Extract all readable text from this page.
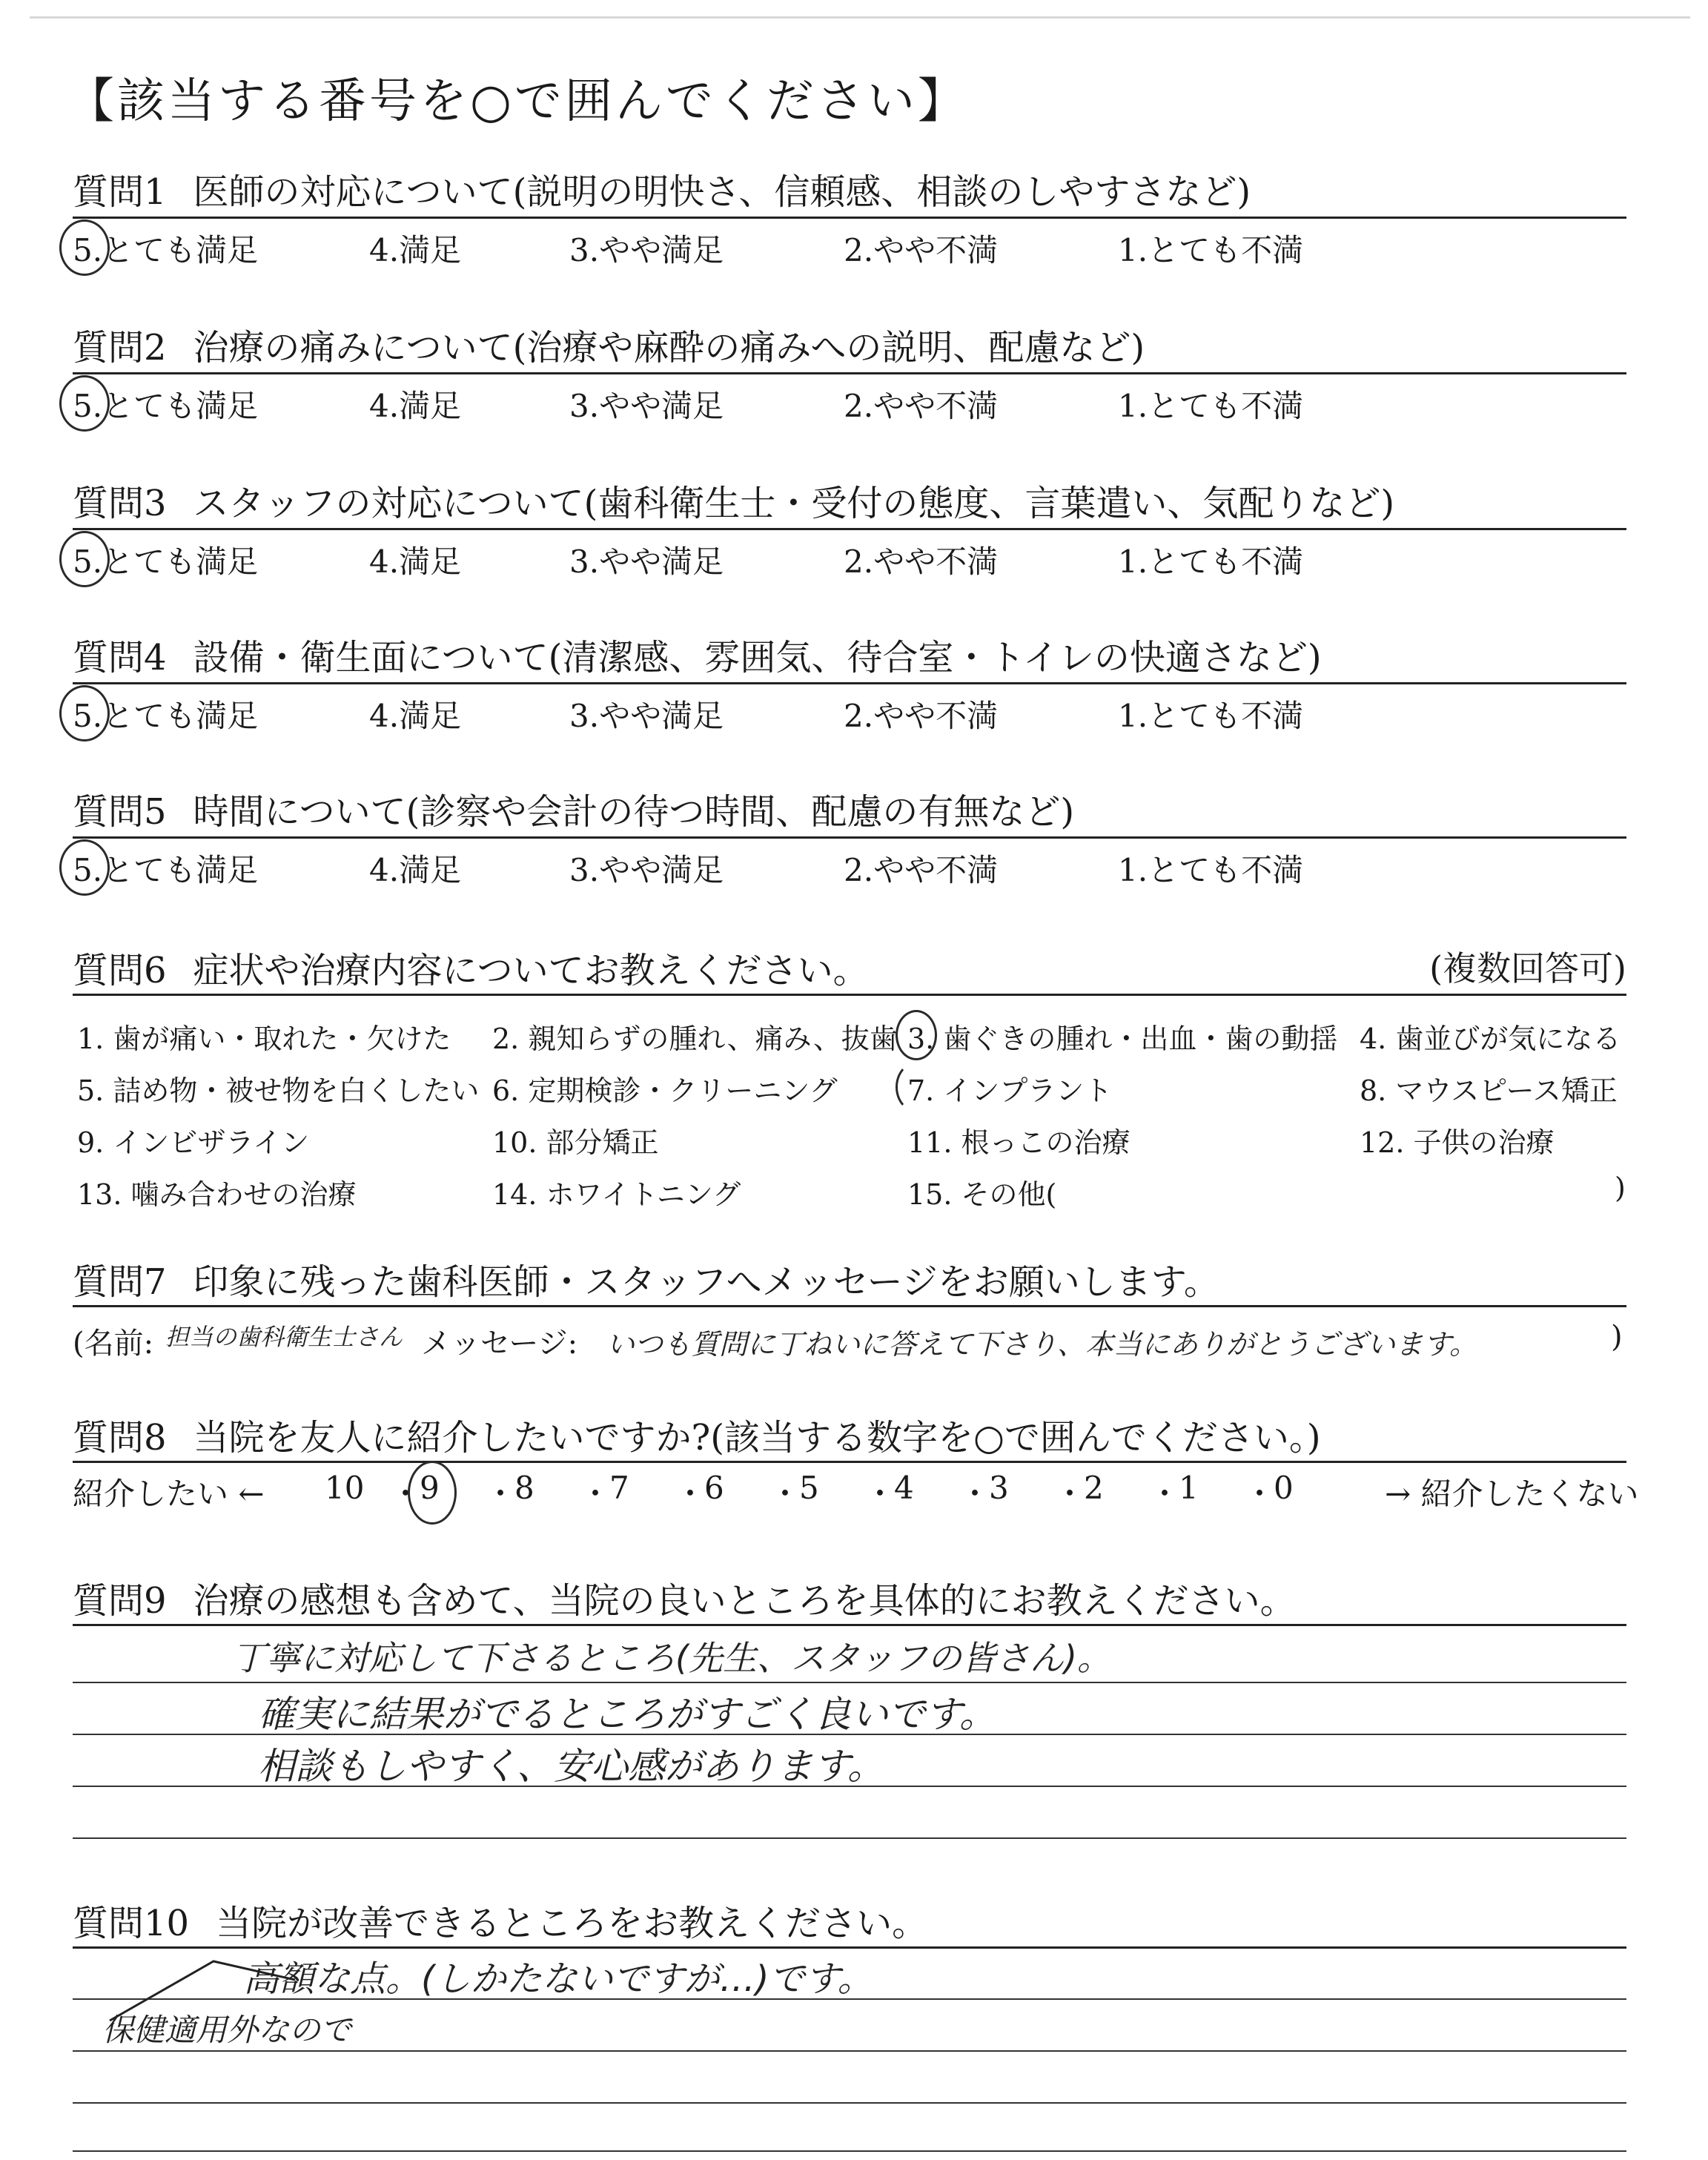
【該当する番号を○で囲んでください】
質問1 医師の対応について(説明の明快さ、信頼感、相談のしやすさなど)
5.とても満足	4.満足	3.やや満足	2.やや不満	1.とても不満
質問2 治療の痛みについて(治療や麻酔の痛みへの説明、配慮など)
5.とても満足	4.満足	3.やや満足	2.やや不満	1.とても不満
質問3 スタッフの対応について(歯科衛生士・受付の態度、言葉遣い、気配りなど)
5.とても満足	4.満足	3.やや満足	2.やや不満	1.とても不満
質問4 設備・衛生面について(清潔感、雰囲気、待合室・トイレの快適さなど)
5.とても満足	4.満足	3.やや満足	2.やや不満	1.とても不満
質問5 時間について(診察や会計の待つ時間、配慮の有無など)
5.とても満足	4.満足	3.やや満足	2.やや不満	1.とても不満
質問6 症状や治療内容についてお教えください。	(複数回答可)
1. 歯が痛い・取れた・欠けた 2. 親知らずの腫れ、痛み、抜歯 3. 歯ぐきの腫れ・出血・歯の動揺 4. 歯並びが気になる
5. 詰め物・被せ物を白くしたい 6. 定期検診・クリーニング 7. インプラント	8. マウスピース矯正
9. インビザライン	10. 部分矯正	11. 根っこの治療	12. 子供の治療
13. 噛み合わせの治療	14. ホワイトニング	15. その他(	)
質問7 印象に残った歯科医師・スタッフへメッセージをお願いします。
(名前: 担当の歯科衛生士さん メッセージ: いつも質問に丁ねいに答えて下さり、本当にありがとうございます。	)
質問8 当院を友人に紹介したいですか?(該当する数字を○で囲んでください。)
紹介したい ← 10 ・
9 ・
8 ・
7 ・
6 ・
5 ・
4 ・
3 ・
2 ・
1 ・
0	→ 紹介したくない
質問9 治療の感想も含めて、当院の良いところを具体的にお教えください。
丁寧に対応して下さるところ(先生、スタッフの皆さん)。
確実に結果がでるところがすごく良いです。
相談もしやすく、安心感があります。
質問10 当院が改善できるところをお教えください。
高額な点。(しかたないですが…)です。
保健適用外なので
